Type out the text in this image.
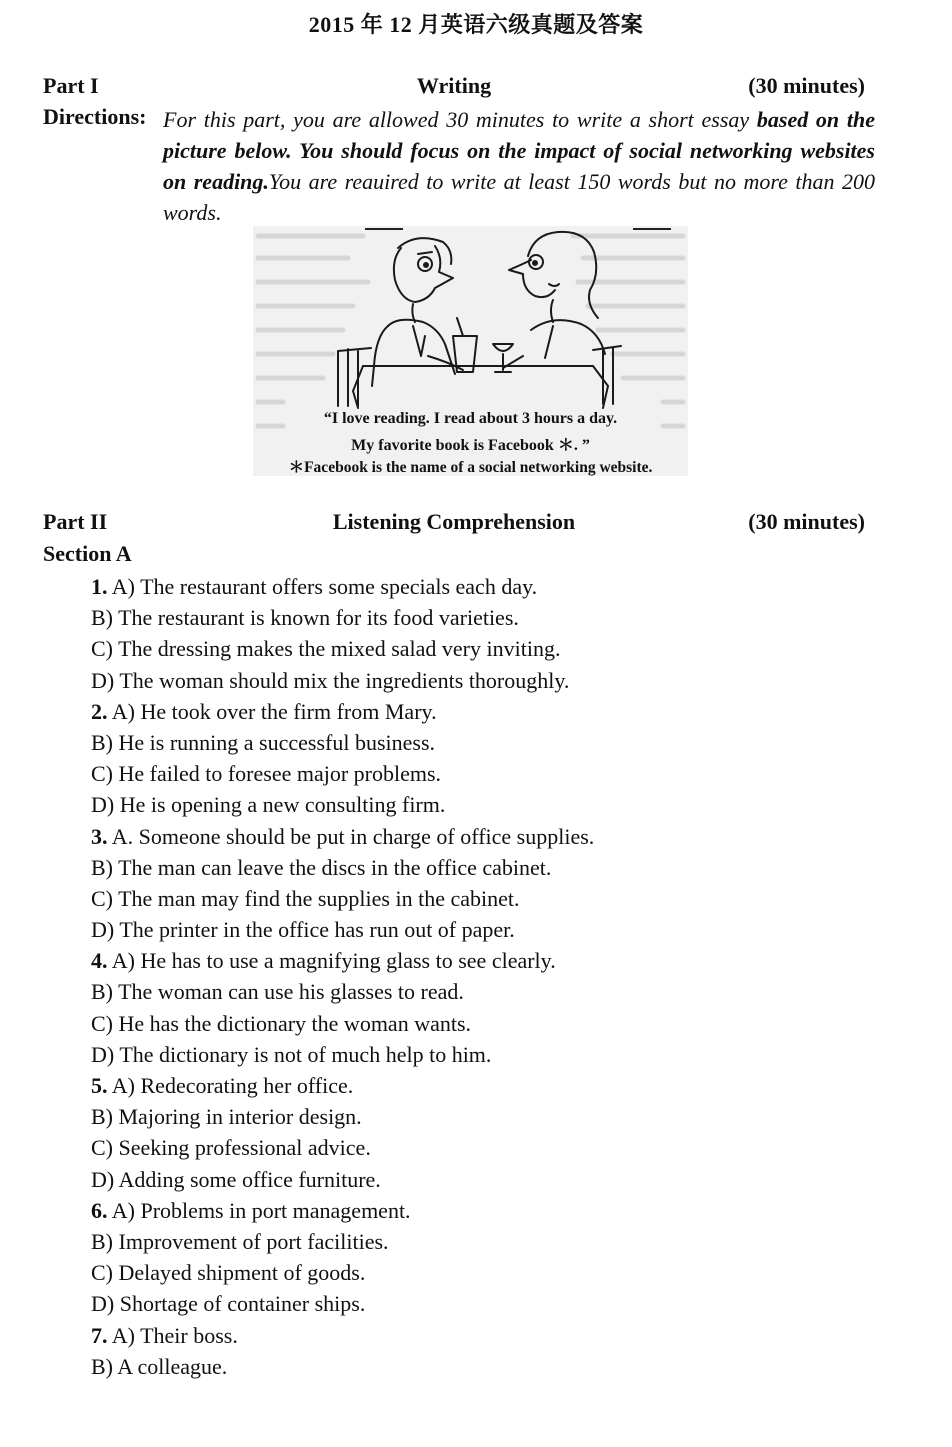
2015 年 12 月英语六级真题及答案
Part I	Writing	(30 minutes)
Directions: For this part, you are allowed 30 minutes to write a short essay based on the picture below. You should focus on the impact of social networking websites on reading.You are reauired to write at least 150 words but no more than 200 words.
“I love reading. I read about 3 hours a day.
My favorite book is Facebook ＊. ”
＊Facebook is the name of a social networking website.
Part II	Listening Comprehension	(30 minutes)
Section A
1. A) The restaurant offers some specials each day.
B) The restaurant is known for its food varieties.
C) The dressing makes the mixed salad very inviting.
D) The woman should mix the ingredients thoroughly.
2. A) He took over the firm from Mary.
B) He is running a successful business.
C) He failed to foresee major problems.
D) He is opening a new consulting firm.
3. A. Someone should be put in charge of office supplies.
B) The man can leave the discs in the office cabinet.
C) The man may find the supplies in the cabinet.
D) The printer in the office has run out of paper.
4. A) He has to use a magnifying glass to see clearly.
B) The woman can use his glasses to read.
C) He has the dictionary the woman wants.
D) The dictionary is not of much help to him.
5. A) Redecorating her office.
B) Majoring in interior design.
C) Seeking professional advice.
D) Adding some office furniture.
6. A) Problems in port management.
B) Improvement of port facilities.
C) Delayed shipment of goods.
D) Shortage of container ships.
7. A) Their boss.
B) A colleague.
